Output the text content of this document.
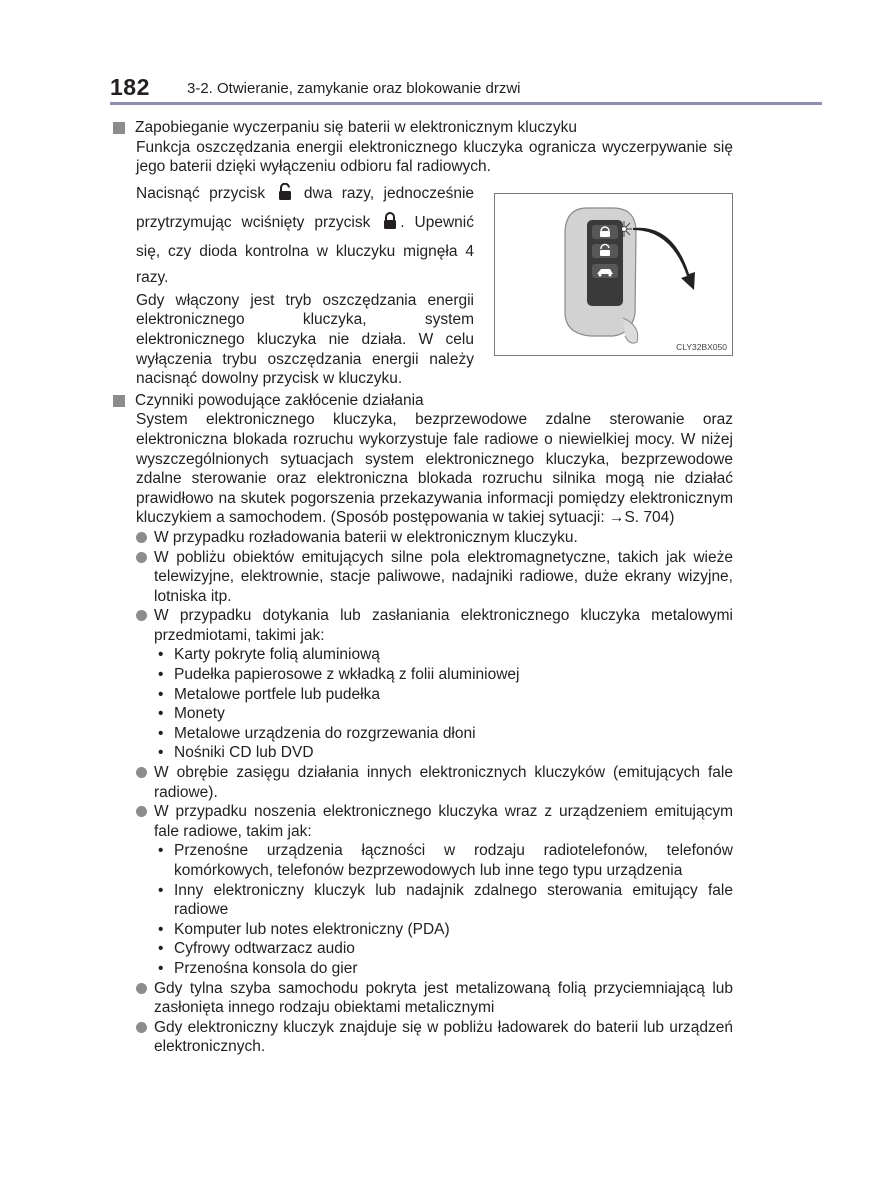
182 3-2. Otwieranie, zamykanie oraz blokowanie drzwi
CLY32BX050
Zapobieganie wyczerpaniu się baterii w elektronicznym kluczyku
Funkcja oszczędzania energii elektronicznego kluczyka ogranicza wyczerpywanie się jego baterii dzięki wyłączeniu odbioru fal radiowych.
Nacisnąć przycisk	dwa razy, jednocześnie przytrzymując wciśnięty przycisk . Upewnić się, czy dioda kontrolna w kluczyku mignęła 4 razy.
Gdy włączony jest tryb oszczędzania energii elektronicznego kluczyka, system elektronicznego kluczyka nie działa. W celu wyłączenia trybu oszczędzania energii należy nacisnąć dowolny przycisk w kluczyku.
Czynniki powodujące zakłócenie działania
System elektronicznego kluczyka, bezprzewodowe zdalne sterowanie oraz elektroniczna blokada rozruchu wykorzystuje fale radiowe o niewielkiej mocy. W niżej wyszczególnionych sytuacjach system elektronicznego kluczyka, bezprzewodowe zdalne sterowanie oraz elektroniczna blokada rozruchu silnika mogą nie działać prawidłowo na skutek pogorszenia przekazywania informacji pomiędzy elektronicznym kluczykiem a samochodem. (Sposób postępowania w takiej sytuacji: →S. 704)
W przypadku rozładowania baterii w elektronicznym kluczyku.
W pobliżu obiektów emitujących silne pola elektromagnetyczne, takich jak wieże telewizyjne, elektrownie, stacje paliwowe, nadajniki radiowe, duże ekrany wizyjne, lotniska itp.
W przypadku dotykania lub zasłaniania elektronicznego kluczyka metalowymi przedmiotami, takimi jak:
• Karty pokryte folią aluminiową
• Pudełka papierosowe z wkładką z folii aluminiowej
• Metalowe portfele lub pudełka
• Monety
• Metalowe urządzenia do rozgrzewania dłoni
• Nośniki CD lub DVD
W obrębie zasięgu działania innych elektronicznych kluczyków (emitujących fale radiowe).
W przypadku noszenia elektronicznego kluczyka wraz z urządzeniem emitującym fale radiowe, takim jak:
• Przenośne urządzenia łączności w rodzaju radiotelefonów, telefonów komórkowych, telefonów bezprzewodowych lub inne tego typu urządzenia
• Inny elektroniczny kluczyk lub nadajnik zdalnego sterowania emitujący fale radiowe
• Komputer lub notes elektroniczny (PDA)
• Cyfrowy odtwarzacz audio
• Przenośna konsola do gier
Gdy tylna szyba samochodu pokryta jest metalizowaną folią przyciemniającą lub zasłonięta innego rodzaju obiektami metalicznymi
Gdy elektroniczny kluczyk znajduje się w pobliżu ładowarek do baterii lub urządzeń elektronicznych.
